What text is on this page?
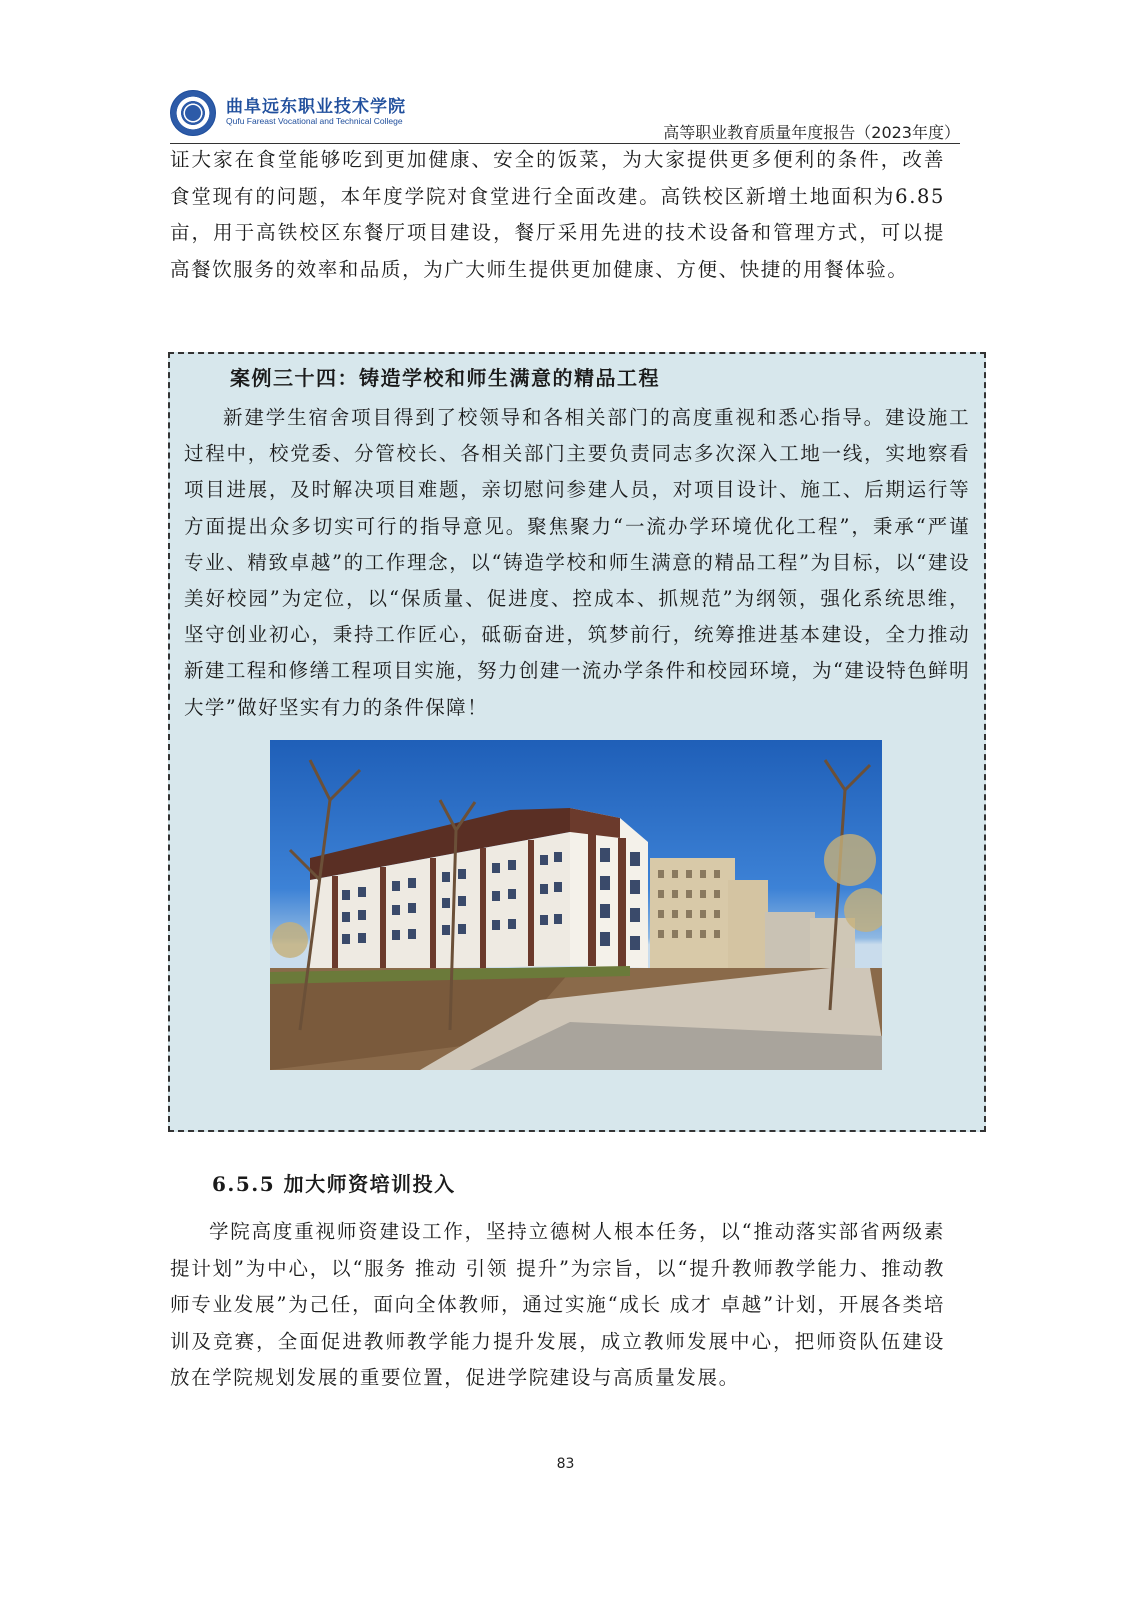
曲阜远东职业技术学院
Qufu Fareast Vocational and Technical College
高等职业教育质量年度报告（2023年度）

证大家在食堂能够吃到更加健康、安全的饭菜，为大家提供更多便利的条件，改善食堂现有的问题，本年度学院对食堂进行全面改建。高铁校区新增土地面积为6.85亩，用于高铁校区东餐厅项目建设，餐厅采用先进的技术设备和管理方式，可以提高餐饮服务的效率和品质，为广大师生提供更加健康、方便、快捷的用餐体验。

案例三十四：铸造学校和师生满意的精品工程

新建学生宿舍项目得到了校领导和各相关部门的高度重视和悉心指导。建设施工过程中，校党委、分管校长、各相关部门主要负责同志多次深入工地一线，实地察看项目进展，及时解决项目难题，亲切慰问参建人员，对项目设计、施工、后期运行等方面提出众多切实可行的指导意见。聚焦聚力“一流办学环境优化工程”，秉承“严谨专业、精致卓越”的工作理念，以“铸造学校和师生满意的精品工程”为目标，以“建设美好校园”为定位，以“保质量、促进度、控成本、抓规范”为纲领，强化系统思维，坚守创业初心，秉持工作匠心，砥砺奋进，筑梦前行，统筹推进基本建设，全力推动新建工程和修缮工程项目实施，努力创建一流办学条件和校园环境，为“建设特色鲜明大学”做好坚实有力的条件保障！

6.5.5 加大师资培训投入

学院高度重视师资建设工作，坚持立德树人根本任务，以“推动落实部省两级素提计划”为中心，以“服务 推动 引领 提升”为宗旨，以“提升教师教学能力、推动教师专业发展”为己任，面向全体教师，通过实施“成长 成才 卓越”计划，开展各类培训及竞赛，全面促进教师教学能力提升发展，成立教师发展中心，把师资队伍建设放在学院规划发展的重要位置，促进学院建设与高质量发展。

83
